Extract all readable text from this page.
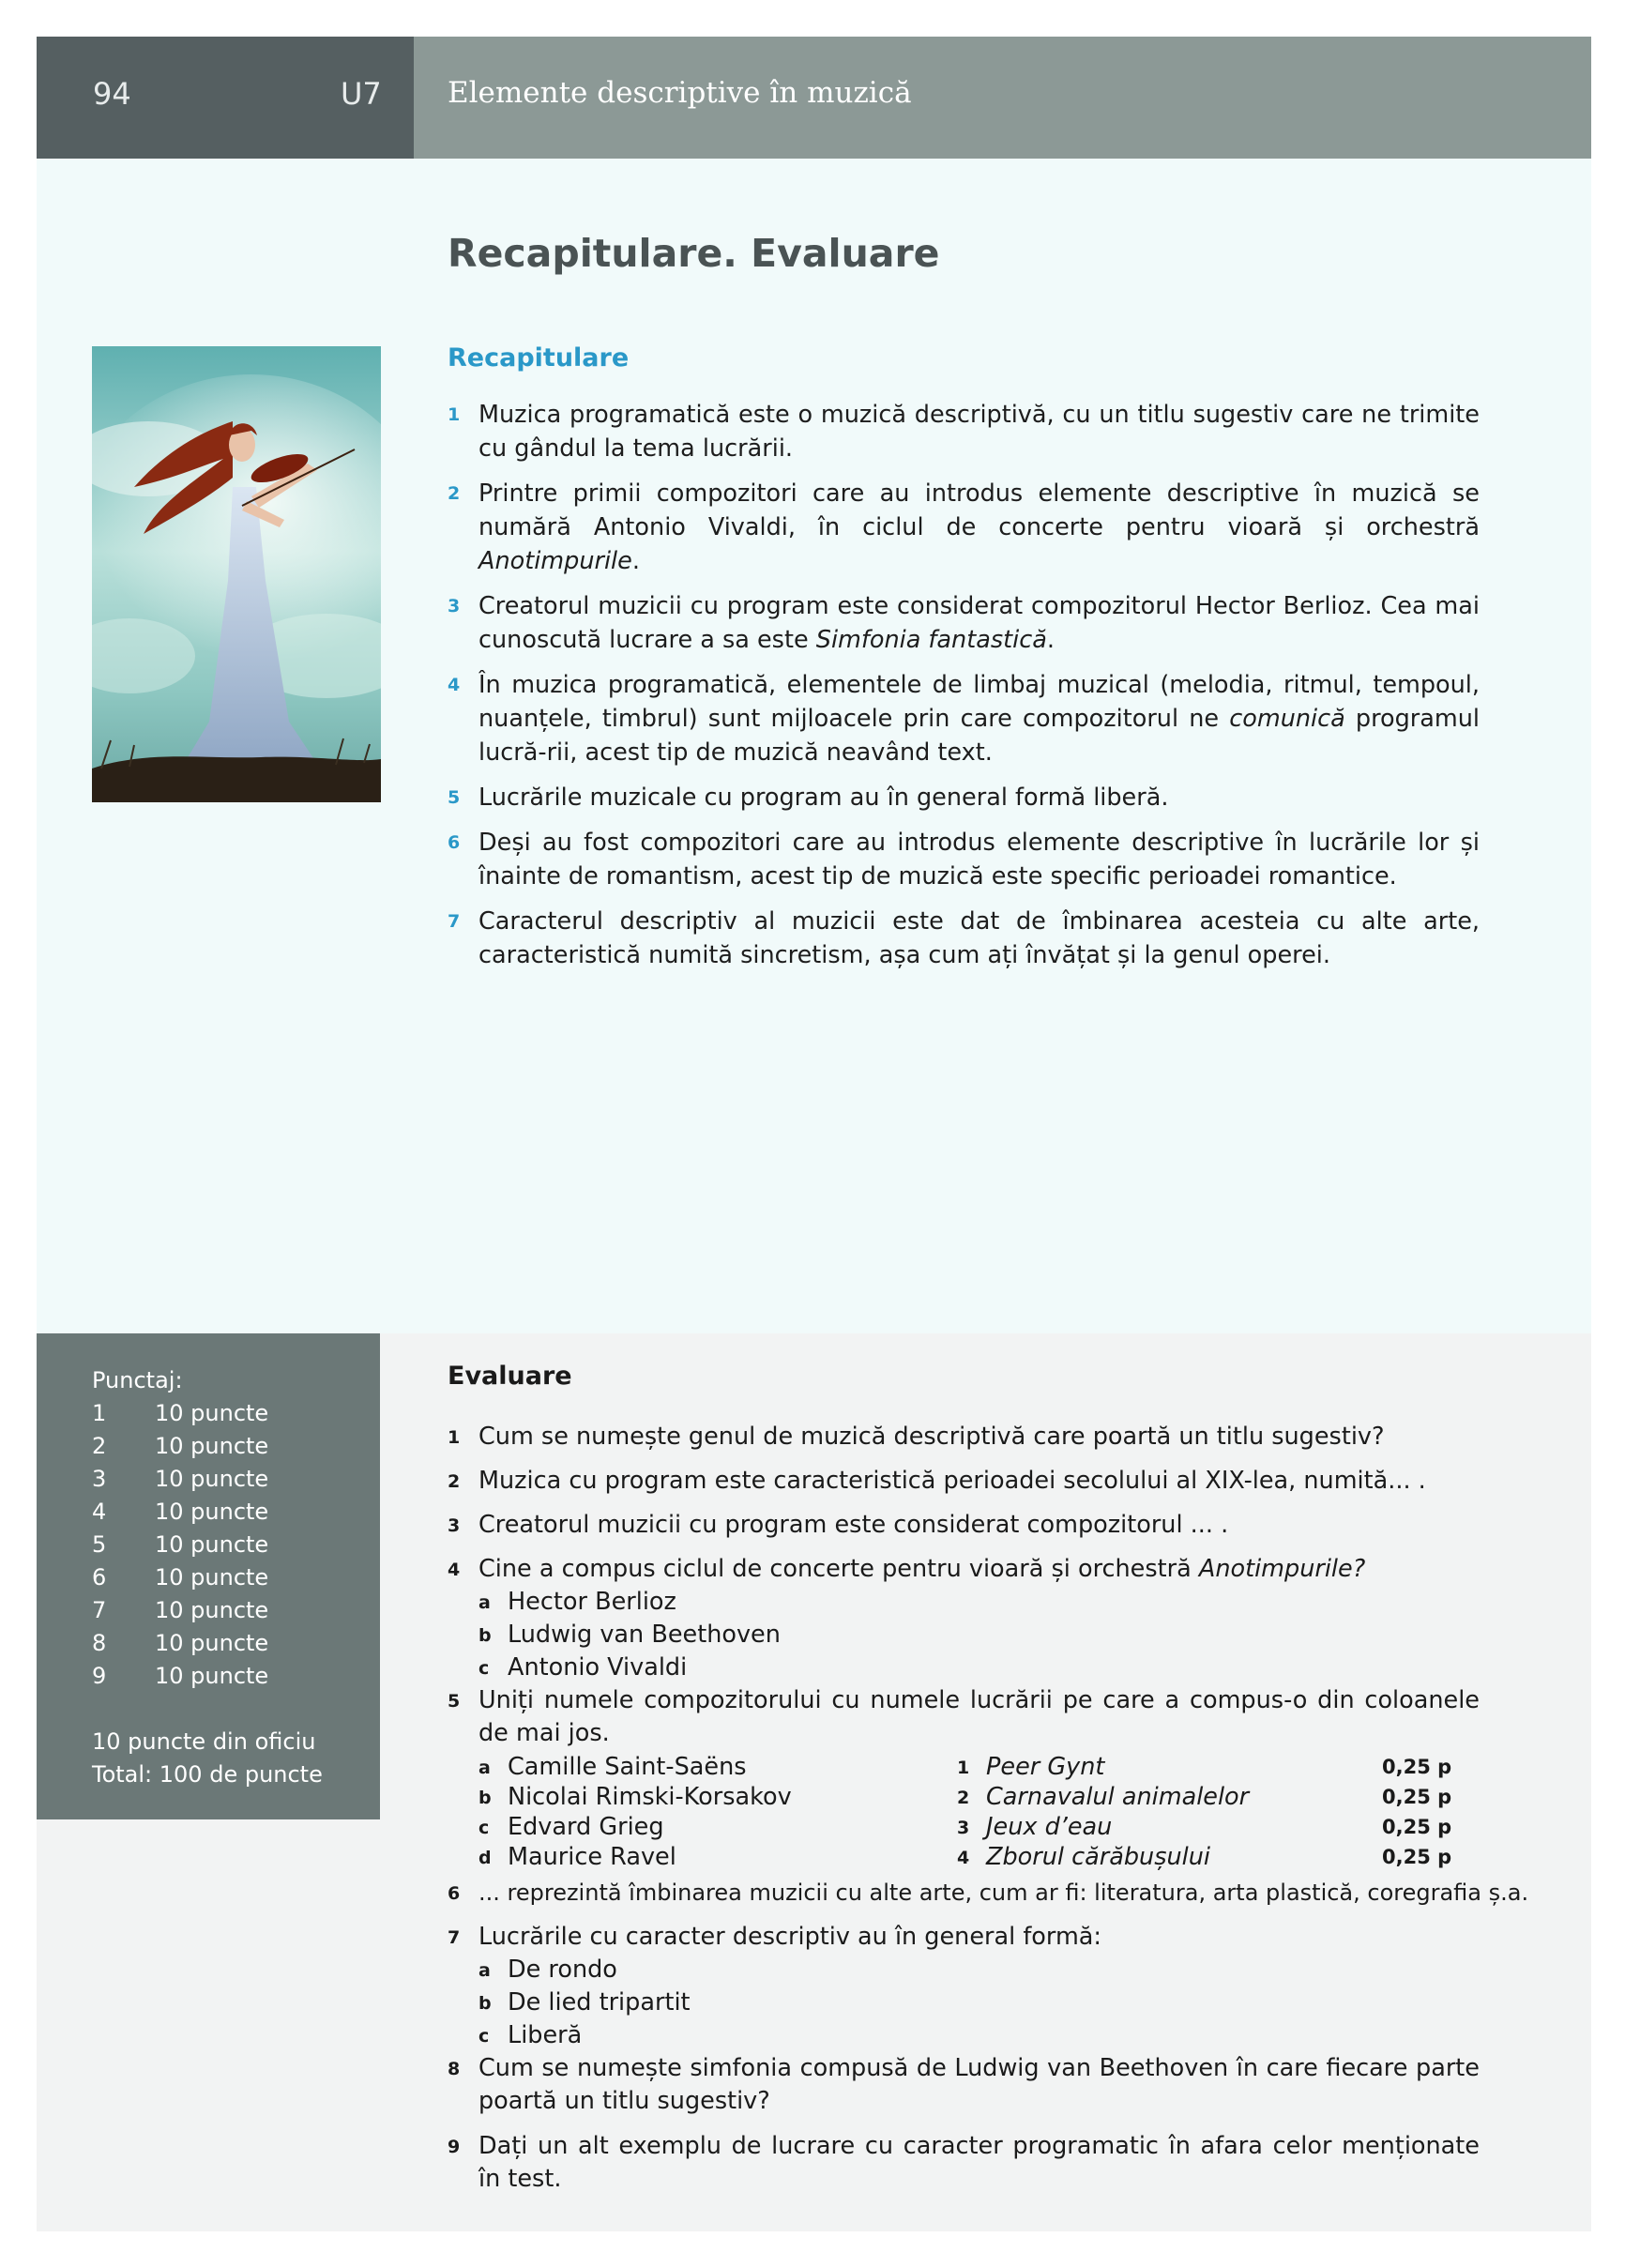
94	U7 Elemente descriptive în muzică
Recapitulare. Evaluare
Recapitulare
1 Muzica programatică este o muzică descriptivă, cu un titlu sugestiv care ne trimite cu gândul la tema lucrării.
2 Printre primii compozitori care au introdus elemente descriptive în muzică se numără Antonio Vivaldi, în ciclul de concerte pentru vioară și orchestră Anotimpurile.
3 Creatorul muzicii cu program este considerat compozitorul Hector Berlioz. Cea mai cunoscută lucrare a sa este Simfonia fantastică.
4 În muzica programatică, elementele de limbaj muzical (melodia, ritmul, tempoul, nuanțele, timbrul) sunt mijloacele prin care compozitorul ne comunică programul lucră-rii, acest tip de muzică neavând text.
5 Lucrările muzicale cu program au în general formă liberă.
6 Deși au fost compozitori care au introdus elemente descriptive în lucrările lor și înainte de romantism, acest tip de muzică este specific perioadei romantice.
7 Caracterul descriptiv al muzicii este dat de îmbinarea acesteia cu alte arte, caracteristică numită sincretism, așa cum ați învățat și la genul operei.
Punctaj:
1 10 puncte
2 10 puncte
3 10 puncte
4 10 puncte
5 10 puncte
6 10 puncte
7 10 puncte
8 10 puncte
9 10 puncte
10 puncte din oficiu
Total: 100 de puncte
Evaluare
1 Cum se numește genul de muzică descriptivă care poartă un titlu sugestiv?
2 Muzica cu program este caracteristică perioadei secolului al XIX-lea, numită... .
3 Creatorul muzicii cu program este considerat compozitorul ... .
4 Cine a compus ciclul de concerte pentru vioară și orchestră Anotimpurile?
a Hector Berlioz
b Ludwig van Beethoven
c Antonio Vivaldi
5 Uniți numele compozitorului cu numele lucrării pe care a compus-o din coloanele de mai jos.
a Camille Saint-Saëns
b Nicolai Rimski-Korsakov
c Edvard Grieg
d Maurice Ravel
1 Peer Gynt
2 Carnavalul animalelor
3 Jeux d’eau
4 Zborul cărăbușului
0,25 p
0,25 p
0,25 p
0,25 p
6 ... reprezintă îmbinarea muzicii cu alte arte, cum ar fi: literatura, arta plastică, coregrafia ș.a.
7 Lucrările cu caracter descriptiv au în general formă:
a De rondo
b De lied tripartit
c Liberă
8 Cum se numește simfonia compusă de Ludwig van Beethoven în care fiecare parte poartă un titlu sugestiv?
9 Dați un alt exemplu de lucrare cu caracter programatic în afara celor menționate în test.
